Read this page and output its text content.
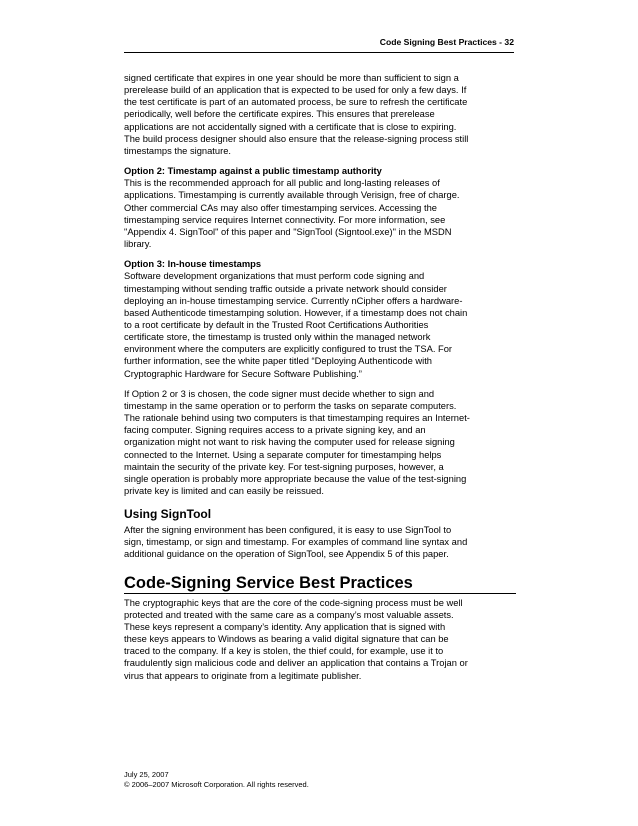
Code Signing Best Practices - 32

signed certificate that expires in one year should be more than sufficient to sign a
prerelease build of an application that is expected to be used for only a few days. If
the test certificate is part of an automated process, be sure to refresh the certificate
periodically, well before the certificate expires. This ensures that prerelease
applications are not accidentally signed with a certificate that is close to expiring.
The build process designer should also ensure that the release-signing process still
timestamps the signature.

Option 2: Timestamp against a public timestamp authority

This is the recommended approach for all public and long-lasting releases of
applications. Timestamping is currently available through Verisign, free of charge.
Other commercial CAs may also offer timestamping services. Accessing the
timestamping service requires Internet connectivity. For more information, see
"Appendix 4. SignTool" of this paper and "SignTool (Signtool.exe)" in the MSDN
library.

Option 3: In-house timestamps

Software development organizations that must perform code signing and
timestamping without sending traffic outside a private network should consider
deploying an in-house timestamping service. Currently nCipher offers a hardware-
based Authenticode timestamping solution. However, if a timestamp does not chain
to a root certificate by default in the Trusted Root Certifications Authorities
certificate store, the timestamp is trusted only within the managed network
environment where the computers are explicitly configured to trust the TSA. For
further information, see the white paper titled “Deploying Authenticode with
Cryptographic Hardware for Secure Software Publishing.”

If Option 2 or 3 is chosen, the code signer must decide whether to sign and
timestamp in the same operation or to perform the tasks on separate computers.
The rationale behind using two computers is that timestamping requires an Internet-
facing computer. Signing requires access to a private signing key, and an
organization might not want to risk having the computer used for release signing
connected to the Internet. Using a separate computer for timestamping helps
maintain the security of the private key. For test-signing purposes, however, a
single operation is probably more appropriate because the value of the test-signing
private key is limited and can easily be reissued.

Using SignTool

After the signing environment has been configured, it is easy to use SignTool to
sign, timestamp, or sign and timestamp. For examples of command line syntax and
additional guidance on the operation of SignTool, see Appendix 5 of this paper.

Code-Signing Service Best Practices

The cryptographic keys that are the core of the code-signing process must be well
protected and treated with the same care as a company’s most valuable assets.
These keys represent a company’s identity. Any application that is signed with
these keys appears to Windows as bearing a valid digital signature that can be
traced to the company. If a key is stolen, the thief could, for example, use it to
fraudulently sign malicious code and deliver an application that contains a Trojan or
virus that appears to originate from a legitimate publisher.

July 25, 2007
© 2006–2007 Microsoft Corporation. All rights reserved.
